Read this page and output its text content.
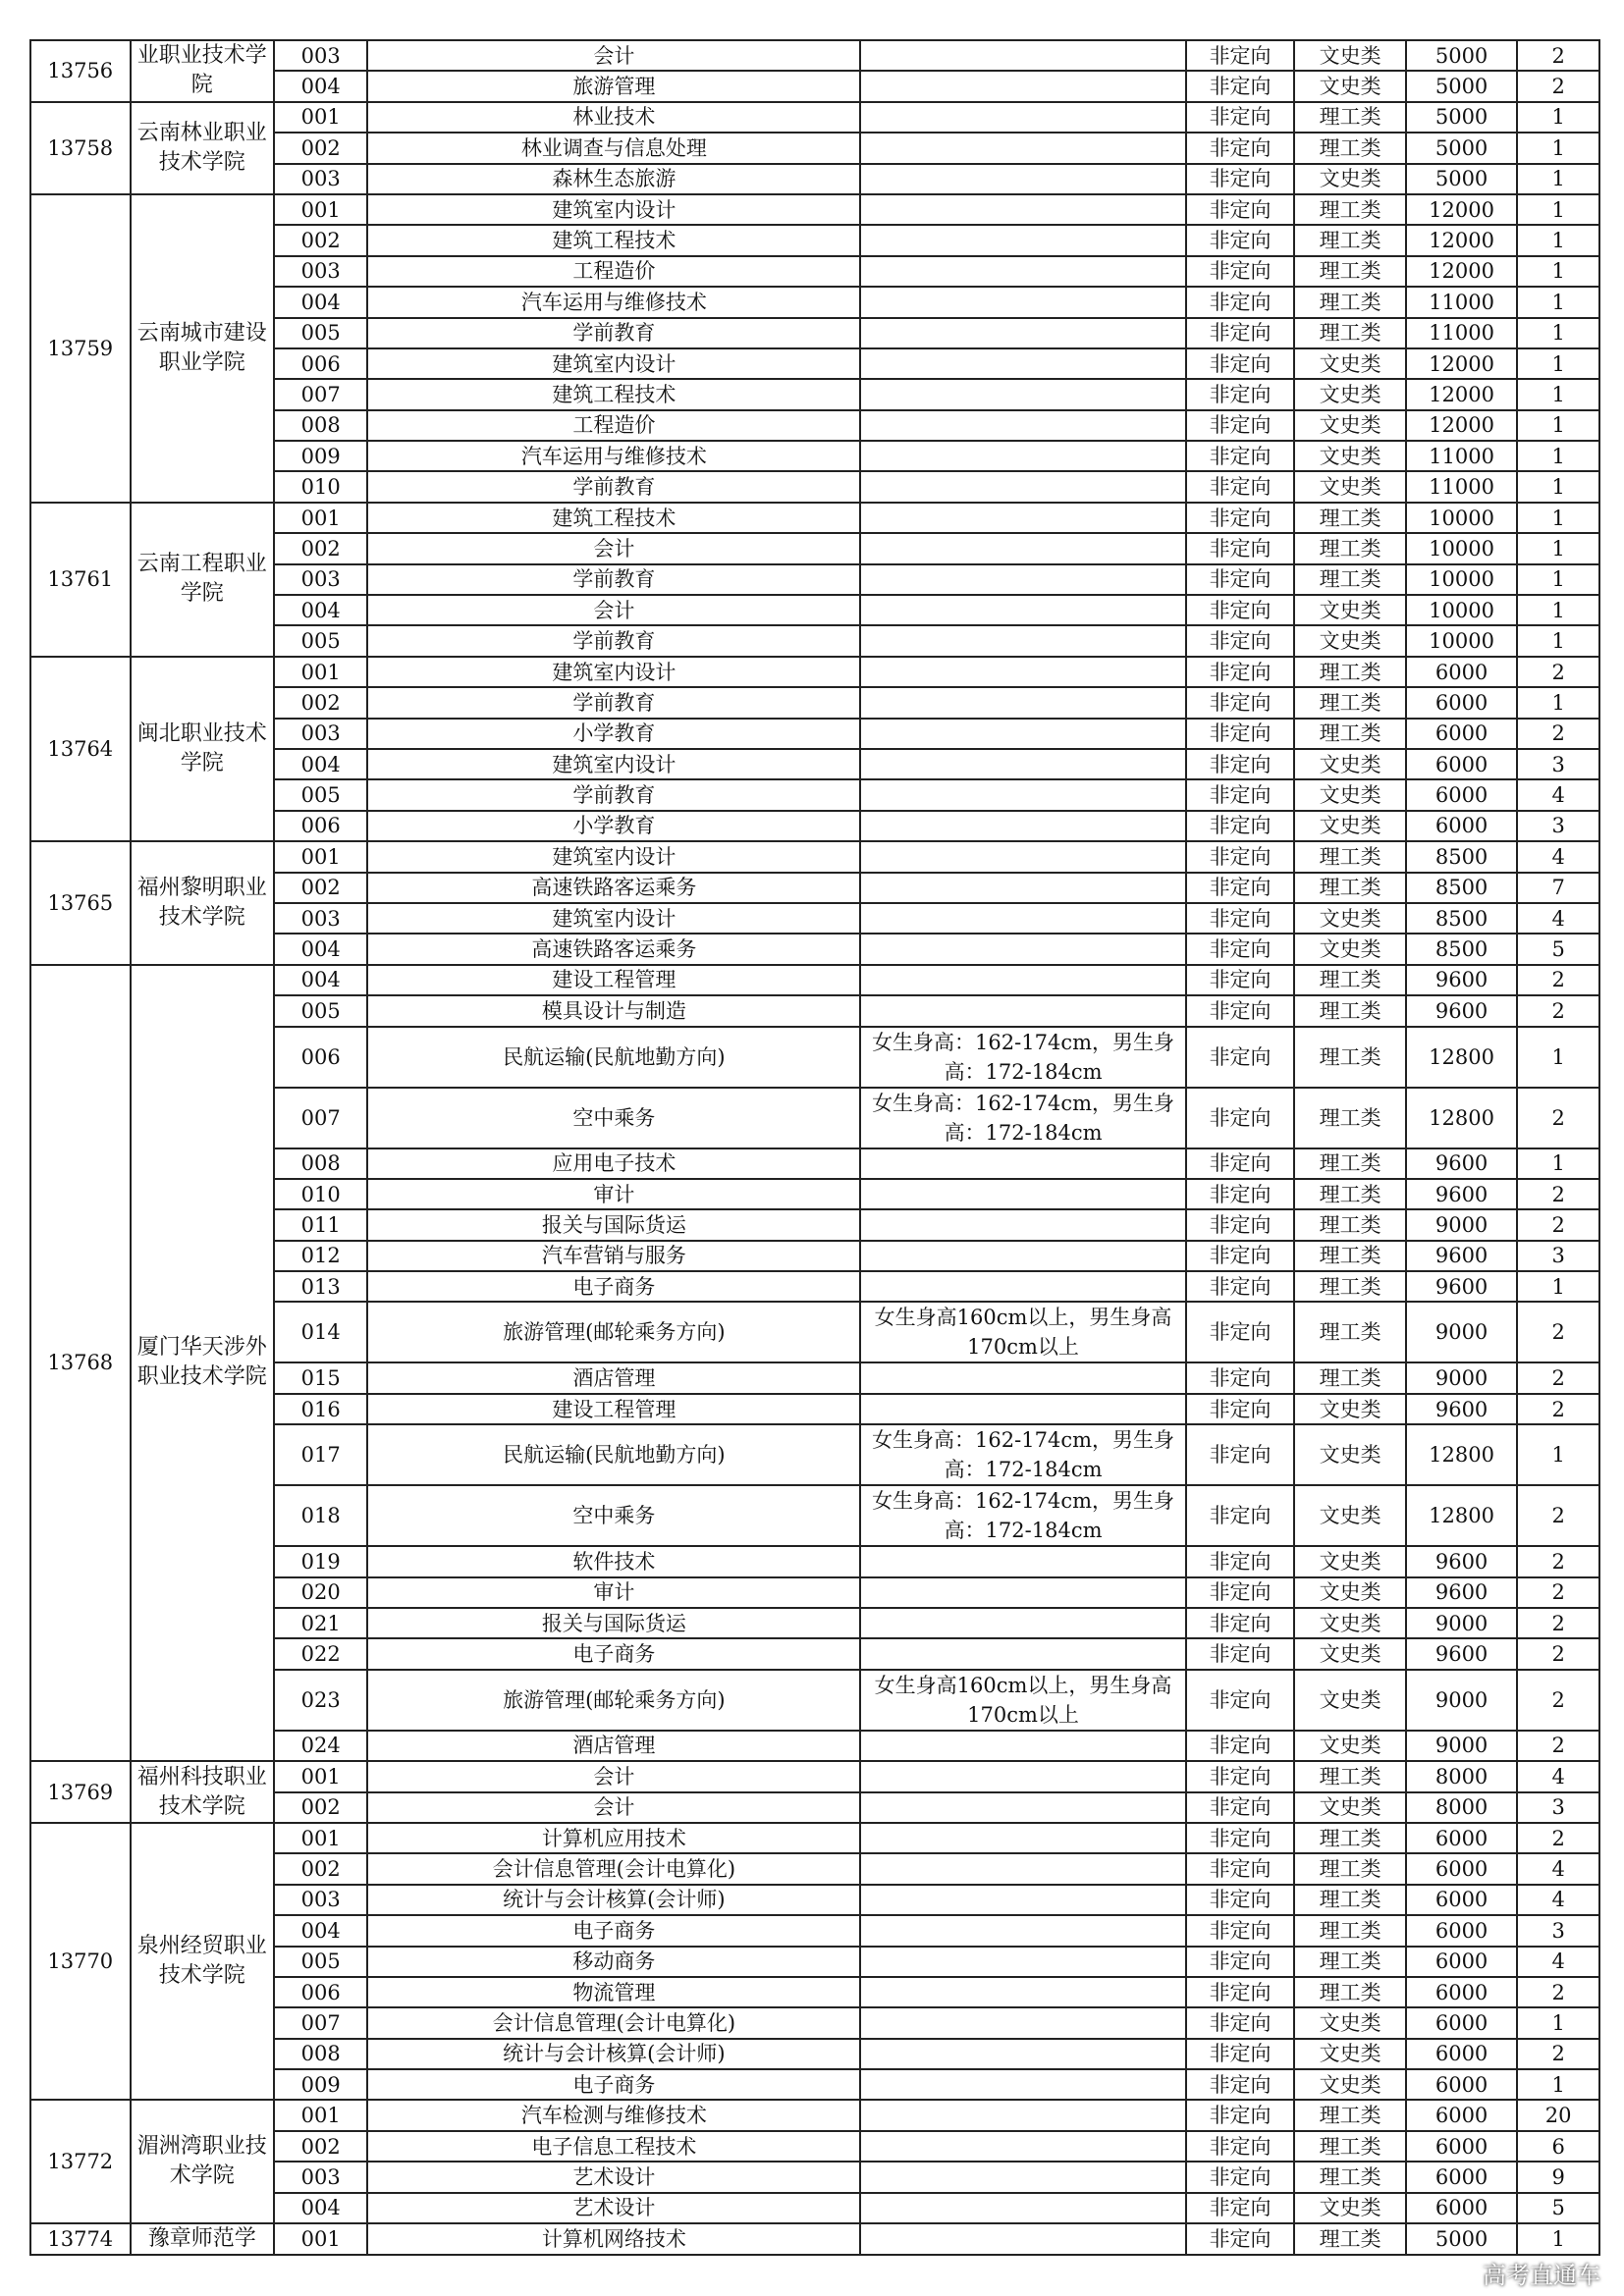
13756	业职业技术学院	003	会计		非定向	文史类	5000	2
		004	旅游管理		非定向	文史类	5000	2
13758	云南林业职业技术学院	001	林业技术		非定向	理工类	5000	1
		002	林业调查与信息处理		非定向	理工类	5000	1
		003	森林生态旅游		非定向	文史类	5000	1
13759	云南城市建设职业学院	001	建筑室内设计		非定向	理工类	12000	1
		002	建筑工程技术		非定向	理工类	12000	1
		003	工程造价		非定向	理工类	12000	1
		004	汽车运用与维修技术		非定向	理工类	11000	1
		005	学前教育		非定向	理工类	11000	1
		006	建筑室内设计		非定向	文史类	12000	1
		007	建筑工程技术		非定向	文史类	12000	1
		008	工程造价		非定向	文史类	12000	1
		009	汽车运用与维修技术		非定向	文史类	11000	1
		010	学前教育		非定向	文史类	11000	1
13761	云南工程职业学院	001	建筑工程技术		非定向	理工类	10000	1
		002	会计		非定向	理工类	10000	1
		003	学前教育		非定向	理工类	10000	1
		004	会计		非定向	文史类	10000	1
		005	学前教育		非定向	文史类	10000	1
13764	闽北职业技术学院	001	建筑室内设计		非定向	理工类	6000	2
		002	学前教育		非定向	理工类	6000	1
		003	小学教育		非定向	理工类	6000	2
		004	建筑室内设计		非定向	文史类	6000	3
		005	学前教育		非定向	文史类	6000	4
		006	小学教育		非定向	文史类	6000	3
13765	福州黎明职业技术学院	001	建筑室内设计		非定向	理工类	8500	4
		002	高速铁路客运乘务		非定向	理工类	8500	7
		003	建筑室内设计		非定向	文史类	8500	4
		004	高速铁路客运乘务		非定向	文史类	8500	5
13768	厦门华天涉外职业技术学院	004	建设工程管理		非定向	理工类	9600	2
		005	模具设计与制造		非定向	理工类	9600	2
		006	民航运输(民航地勤方向)	女生身高：162-174cm，男生身高：172-184cm	非定向	理工类	12800	1
		007	空中乘务	女生身高：162-174cm，男生身高：172-184cm	非定向	理工类	12800	2
		008	应用电子技术		非定向	理工类	9600	1
		010	审计		非定向	理工类	9600	2
		011	报关与国际货运		非定向	理工类	9000	2
		012	汽车营销与服务		非定向	理工类	9600	3
		013	电子商务		非定向	理工类	9600	1
		014	旅游管理(邮轮乘务方向)	女生身高160cm以上，男生身高170cm以上	非定向	理工类	9000	2
		015	酒店管理		非定向	理工类	9000	2
		016	建设工程管理		非定向	文史类	9600	2
		017	民航运输(民航地勤方向)	女生身高：162-174cm，男生身高：172-184cm	非定向	文史类	12800	1
		018	空中乘务	女生身高：162-174cm，男生身高：172-184cm	非定向	文史类	12800	2
		019	软件技术		非定向	文史类	9600	2
		020	审计		非定向	文史类	9600	2
		021	报关与国际货运		非定向	文史类	9000	2
		022	电子商务		非定向	文史类	9600	2
		023	旅游管理(邮轮乘务方向)	女生身高160cm以上，男生身高170cm以上	非定向	文史类	9000	2
		024	酒店管理		非定向	文史类	9000	2
13769	福州科技职业技术学院	001	会计		非定向	理工类	8000	4
		002	会计		非定向	文史类	8000	3
13770	泉州经贸职业技术学院	001	计算机应用技术		非定向	理工类	6000	2
		002	会计信息管理(会计电算化)		非定向	理工类	6000	4
		003	统计与会计核算(会计师)		非定向	理工类	6000	4
		004	电子商务		非定向	理工类	6000	3
		005	移动商务		非定向	理工类	6000	4
		006	物流管理		非定向	理工类	6000	2
		007	会计信息管理(会计电算化)		非定向	文史类	6000	1
		008	统计与会计核算(会计师)		非定向	文史类	6000	2
		009	电子商务		非定向	文史类	6000	1
13772	湄洲湾职业技术学院	001	汽车检测与维修技术		非定向	理工类	6000	20
		002	电子信息工程技术		非定向	理工类	6000	6
		003	艺术设计		非定向	理工类	6000	9
		004	艺术设计		非定向	文史类	6000	5
13774	豫章师范学	001	计算机网络技术		非定向	理工类	5000	1
高考直通车
